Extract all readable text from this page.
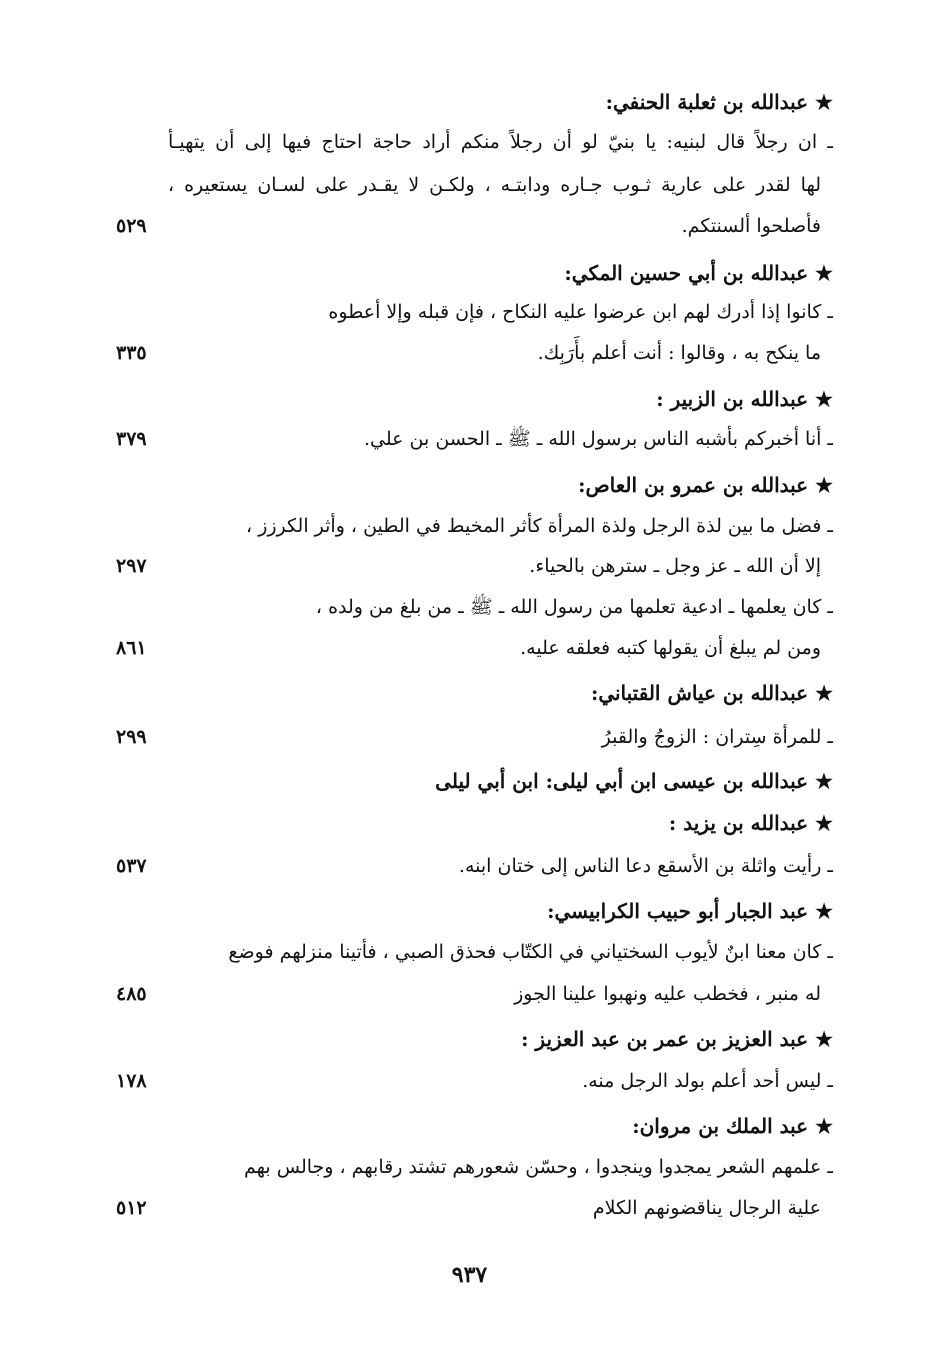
★ عبدالله بن ثعلبة الحنفي:
ـ ان رجلاً قال لبنيه: يا بنيّ لو أن رجلاً منكم أراد حاجة احتاج فيها إلى أن يتهيـأ
لها لقدر على عارية ثـوب جـاره ودابتـه ، ولكـن لا يقـدر على لسـان يستعيره ،
فأصلحوا ألسنتكم.
٥٢٩
★ عبدالله بن أبي حسين المكي:
ـ كانوا إذا أدرك لهم ابن عرضوا عليه النكاح ، فإن قبله وإلا أعطوه
ما ينكح به ، وقالوا : أنت أعلم بأَرَبِك.
٣٣٥
★ عبدالله بن الزبير :
ـ أنا أخبركم بأشبه الناس برسول الله ـ ﷺ ـ الحسن بن علي.
٣٧٩
★ عبدالله بن عمرو بن العاص:
ـ فضل ما بين لذة الرجل ولذة المرأة كأثر المخيط في الطين ، وأثر الكرزز ،
إلا أن الله ـ عز وجل ـ سترهن بالحياء.
٢٩٧
ـ كان يعلمها ـ ادعية تعلمها من رسول الله ـ ﷺ ـ من بلغ من ولده ،
ومن لم يبلغ أن يقولها كتبه فعلقه عليه.
٨٦١
★ عبدالله بن عياش القتباني:
ـ للمرأة سِتران : الزوجُ والقبرُ
٢٩٩
★ عبدالله بن عيسى ابن أبي ليلى: ابن أبي ليلى
★ عبدالله بن يزيد :
ـ رأيت واثلة بن الأسقع دعا الناس إلى ختان ابنه.
٥٣٧
★ عبد الجبار أبو حبيب الكرابيسي:
ـ كان معنا ابنٌ لأيوب السختياني في الكتّاب فحذق الصبي ، فأتينا منزلهم فوضع
له منبر ، فخطب عليه ونهبوا علينا الجوز
٤٨٥
★ عبد العزيز بن عمر بن عبد العزيز :
ـ ليس أحد أعلم بولد الرجل منه.
١٧٨
★ عبد الملك بن مروان:
ـ علمهم الشعر يمجدوا وينجدوا ، وحسّن شعورهم تشتد رقابهم ، وجالس بهم
علية الرجال يناقضونهم الكلام
٥١٢
٩٣٧
